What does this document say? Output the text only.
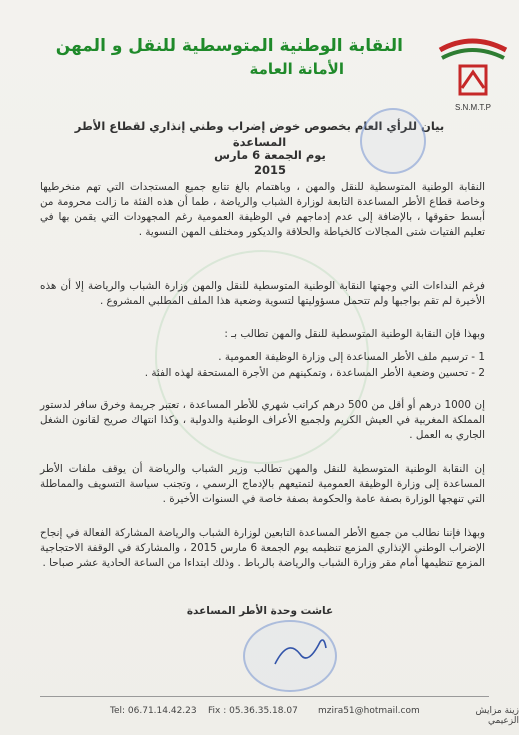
النقابة الوطنية المتوسطية للنقل و المهن
الأمانة العامة
S.N.M.T.P
بيان للرأي العام بخصوص خوض إضراب وطني إنذاري لقطاع الأطر المساعدة
يوم الجمعة 6 مارس 2015
النقابة الوطنية المتوسطية للنقل والمهن ، وباهتمام بالغ تتابع جميع المستجدات التي تهم منخرطيها وخاصة قطاع الأطر المساعدة التابعة لوزارة الشباب والرياضة ، طما أن هذه الفئة ما زالت محرومة من أبسط حقوقها ، بالإضافة إلى عدم إدماجهم في الوظيفة العمومية رغم المجهودات التي يقمن بها في تعليم الفتيات شتى المجالات كالخياطة والحلاقة والديكور ومختلف المهن النسوية .
فرغم النداءات التي وجهتها النقابة الوطنية المتوسطية للنقل والمهن وزارة الشباب والرياضة إلا أن هذه الأخيرة لم تقم بواجبها ولم تتحمل مسؤوليتها لتسوية وضعية هذا الملف المطلبي المشروع .
وبهذا فإن النقابة الوطنية المتوسطية للنقل والمهن تطالب بـ :
1 - ترسيم ملف الأطر المساعدة إلى وزارة الوظيفة العمومية .
2 - تحسين وضعية الأطر المساعدة ، وتمكينهم من الأجرة المستحقة لهذه الفئة .
إن 1000 درهم أو أقل من 500 درهم كراتب شهري للأطر المساعدة ، تعتبر جريمة وخرق سافر لدستور المملكة المغربية في العيش الكريم ولجميع الأعراف الوطنية والدولية ، وكذا انتهاك صريح لقانون الشغل الجاري به العمل .
إن النقابة الوطنية المتوسطية للنقل والمهن تطالب وزير الشباب والرياضة أن يوقف ملفات الأطر المساعدة إلى وزارة الوظيفة العمومية لتمتيعهم بالإدماج الرسمي ، وتجنب سياسة التسويف والمماطلة التي تنهجها الوزارة بصفة عامة والحكومة بصفة خاصة في السنوات الأخيرة .
وبهذا فإننا نطالب من جميع الأطر المساعدة التابعين لوزارة الشباب والرياضة المشاركة الفعالة في إنجاح الإضراب الوطني الإنذاري المزمع تنظيمه يوم الجمعة 6 مارس 2015 ، والمشاركة في الوقفة الاحتجاجية المزمع تنظيمها أمام مقر وزارة الشباب والرياضة بالرباط . وذلك ابتداءا من الساعة الحادية عشر صباحا .
عاشت وحدة الأطر المساعدة
Tel: 06.71.14.42.23 Fix : 05.36.35.18.07 mzira51@hotmail.com	زينة مزايش الزعيمي
